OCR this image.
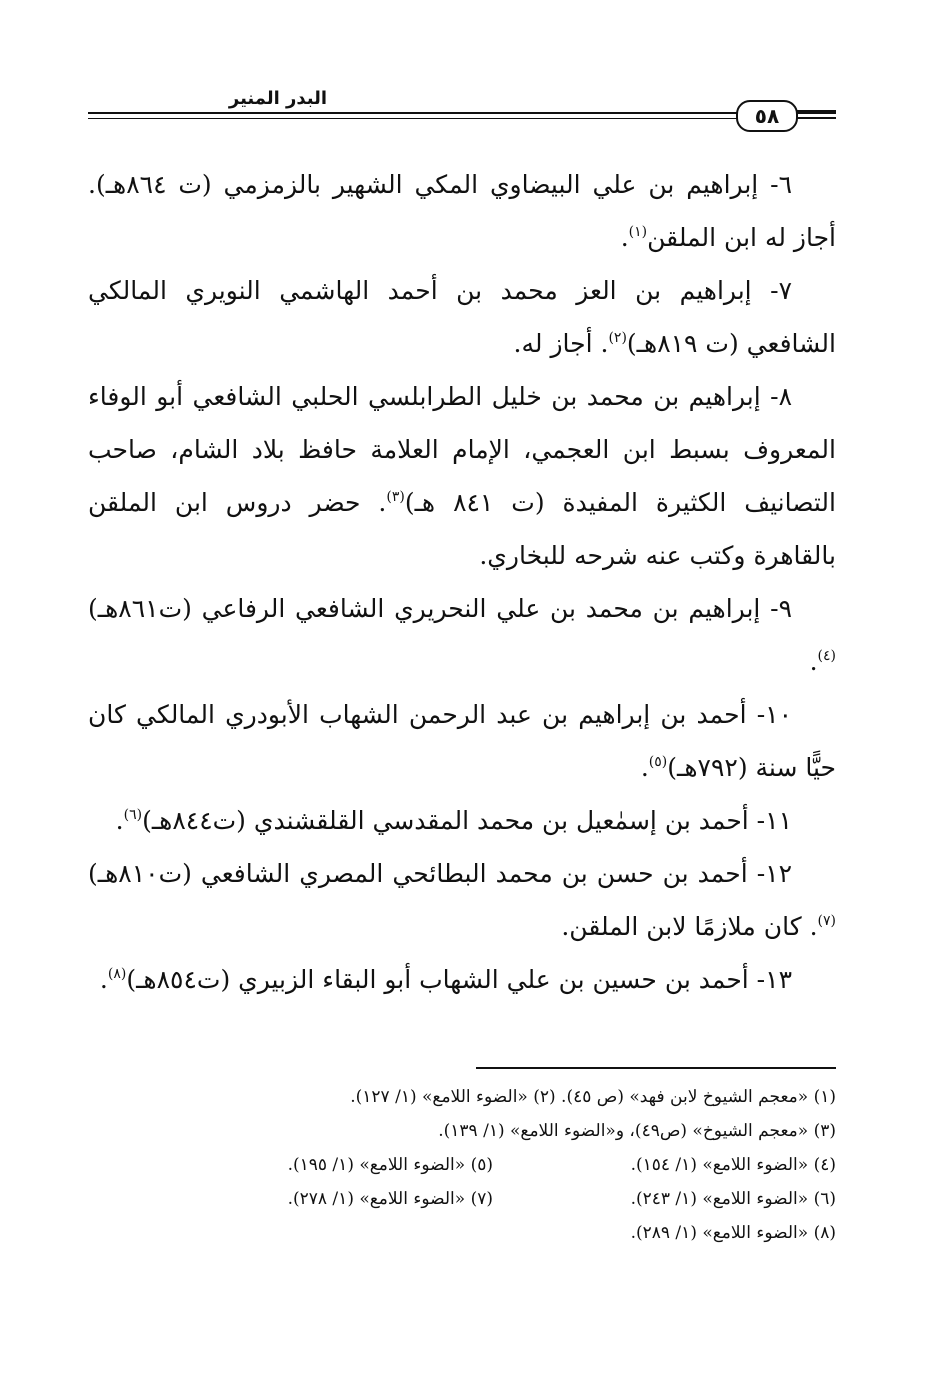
البدر المنير
٥٨

٦- إبراهيم بن علي البيضاوي المكي الشهير بالزمزمي (ت ٨٦٤هـ). أجاز له ابن الملقن$^{(١)}$.

٧- إبراهيم بن العز محمد بن أحمد الهاشمي النويري المالكي الشافعي (ت ٨١٩هـ)$^{(٢)}$. أجاز له.

٨- إبراهيم بن محمد بن خليل الطرابلسي الحلبي الشافعي أبو الوفاء المعروف بسبط ابن العجمي، الإمام العلامة حافظ بلاد الشام، صاحب التصانيف الكثيرة المفيدة (ت ٨٤١ هـ)$^{(٣)}$. حضر دروس ابن الملقن بالقاهرة وكتب عنه شرحه للبخاري.

٩- إبراهيم بن محمد بن علي النحريري الشافعي الرفاعي (ت٨٦١هـ)$^{(٤)}$.

١٠- أحمد بن إبراهيم بن عبد الرحمن الشهاب الأبودري المالكي كان حيًّا سنة (٧٩٢هـ)$^{(٥)}$.

١١- أحمد بن إسمٰعيل بن محمد المقدسي القلقشندي (ت٨٤٤هـ)$^{(٦)}$.

١٢- أحمد بن حسن بن محمد البطائحي المصري الشافعي (ت٨١٠هـ)$^{(٧)}$. كان ملازمًا لابن الملقن.

١٣- أحمد بن حسين بن علي الشهاب أبو البقاء الزبيري (ت٨٥٤هـ)$^{(٨)}$.

(١) «معجم الشيوخ لابن فهد» (ص ٤٥). (٢) «الضوء اللامع» (١/ ١٢٧).
(٣) «معجم الشيوخ» (ص٤٩)، و«الضوء اللامع» (١/ ١٣٩).
(٤) «الضوء اللامع» (١/ ١٥٤).
(٥) «الضوء اللامع» (١/ ١٩٥).
(٦) «الضوء اللامع» (١/ ٢٤٣).
(٧) «الضوء اللامع» (١/ ٢٧٨).
(٨) «الضوء اللامع» (١/ ٢٨٩).
